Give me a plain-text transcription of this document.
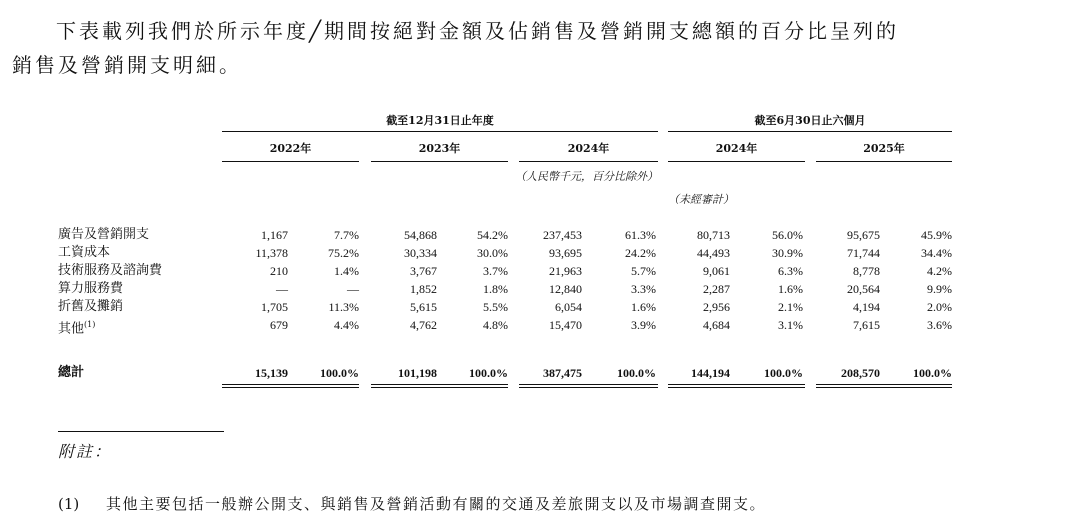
下表載列我們於所示年度╱期間按絕對金額及佔銷售及營銷開支總額的百分比呈列的
銷售及營銷開支明細。
截至12月31日止年度	截至6月30日止六個月
2022年	2023年	2024年	2024年	2025年
（人民幣千元，百分比除外）
（未經審計）
廣告及營銷開支	1,167	7.7%	54,868	54.2%	237,453	61.3%	80,713	56.0%	95,675	45.9%
工資成本	11,378	75.2%	30,334	30.0%	93,695	24.2%	44,493	30.9%	71,744	34.4%
技術服務及諮詢費	210	1.4%	3,767	3.7%	21,963	5.7%	9,061	6.3%	8,778	4.2%
算力服務費	—	—	1,852	1.8%	12,840	3.3%	2,287	1.6%	20,564	9.9%
折舊及攤銷	1,705	11.3%	5,615	5.5%	6,054	1.6%	2,956	2.1%	4,194	2.0%
其他$^{(1)}$	679	4.4%	4,762	4.8%	15,470	3.9%	4,684	3.1%	7,615	3.6%
總計	15,139	100.0%	101,198	100.0%	387,475	100.0%	144,194	100.0%	208,570	100.0%
附註：
(1) 其他主要包括一般辦公開支、與銷售及營銷活動有關的交通及差旅開支以及市場調查開支。
